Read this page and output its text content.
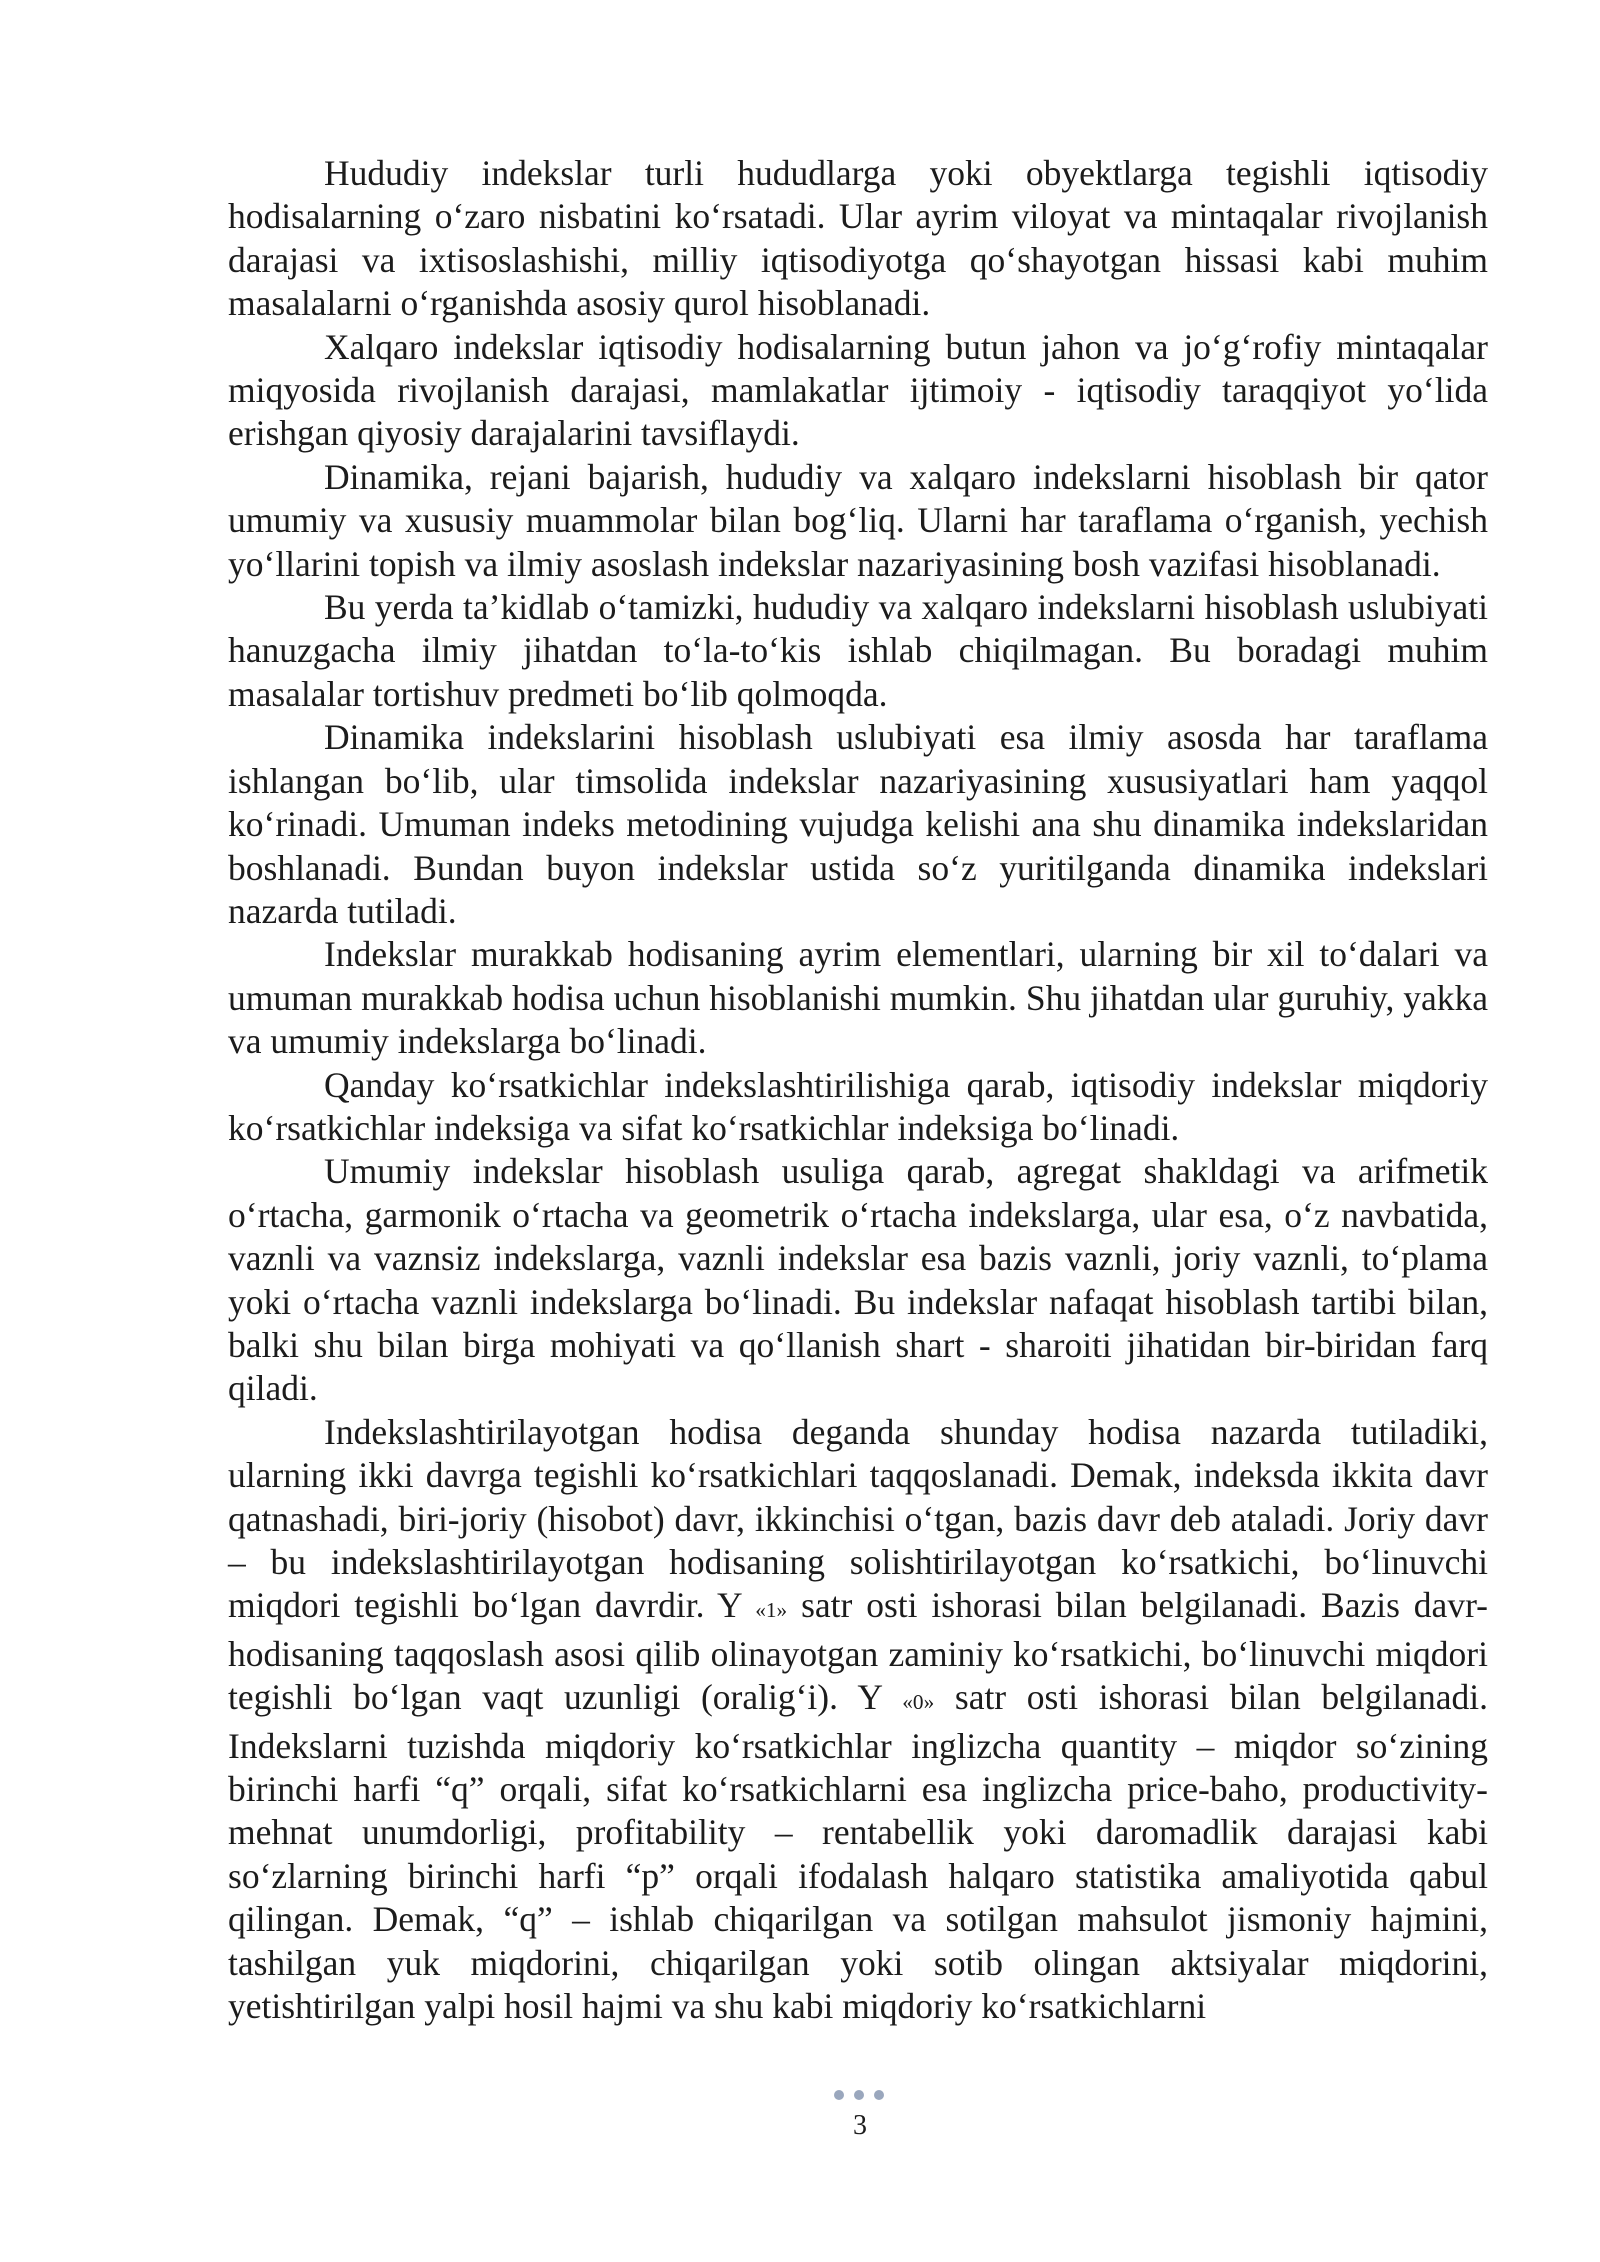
Hududiy indekslar turli hududlarga yoki obyektlarga tegishli iqtisodiy hodisalarning o‘zaro nisbatini ko‘rsatadi. Ular ayrim viloyat va mintaqalar rivojlanish darajasi va ixtisoslashishi, milliy iqtisodiyotga qo‘shayotgan hissasi kabi muhim masalalarni o‘rganishda asosiy qurol hisoblanadi.

Xalqaro indekslar iqtisodiy hodisalarning butun jahon va jo‘g‘rofiy mintaqalar miqyosida rivojlanish darajasi, mamlakatlar ijtimoiy - iqtisodiy taraqqiyot yo‘lida erishgan qiyosiy darajalarini tavsiflaydi.

Dinamika, rejani bajarish, hududiy va xalqaro indekslarni hisoblash bir qator umumiy va xususiy muammolar bilan bog‘liq. Ularni har taraflama o‘rganish, yechish yo‘llarini topish va ilmiy asoslash indekslar nazariyasining bosh vazifasi hisoblanadi.

Bu yerda ta’kidlab o‘tamizki, hududiy va xalqaro indekslarni hisoblash uslubiyati hanuzgacha ilmiy jihatdan to‘la-to‘kis ishlab chiqilmagan. Bu boradagi muhim masalalar tortishuv predmeti bo‘lib qolmoqda.

Dinamika indekslarini hisoblash uslubiyati esa ilmiy asosda har taraflama ishlangan bo‘lib, ular timsolida indekslar nazariyasining xususiyatlari ham yaqqol ko‘rinadi. Umuman indeks metodining vujudga kelishi ana shu dinamika indekslaridan boshlanadi. Bundan buyon indekslar ustida so‘z yuritilganda dinamika indekslari nazarda tutiladi.

Indekslar murakkab hodisaning ayrim elementlari, ularning bir xil to‘dalari va umuman murakkab hodisa uchun hisoblanishi mumkin. Shu jihatdan ular guruhiy, yakka va umumiy indekslarga bo‘linadi.

Qanday ko‘rsatkichlar indekslashtirilishiga qarab, iqtisodiy indekslar miqdoriy ko‘rsatkichlar indeksiga va sifat ko‘rsatkichlar indeksiga bo‘linadi.

Umumiy indekslar hisoblash usuliga qarab, agregat shakldagi va arifmetik o‘rtacha, garmonik o‘rtacha va geometrik o‘rtacha indekslarga, ular esa, o‘z navbatida, vaznli va vaznsiz indekslarga, vaznli indekslar esa bazis vaznli, joriy vaznli, to‘plama yoki o‘rtacha vaznli indekslarga bo‘linadi. Bu indekslar nafaqat hisoblash tartibi bilan, balki shu bilan birga mohiyati va qo‘llanish shart - sharoiti jihatidan bir-biridan farq qiladi.

Indekslashtirilayotgan hodisa deganda shunday hodisa nazarda tutiladiki, ularning ikki davrga tegishli ko‘rsatkichlari taqqoslanadi. Demak, indeksda ikkita davr qatnashadi, biri-joriy (hisobot) davr, ikkinchisi o‘tgan, bazis davr deb ataladi. Joriy davr – bu indekslashtirilayotgan hodisaning solishtirilayotgan ko‘rsatkichi, bo‘linuvchi miqdori tegishli bo‘lgan davrdir. Y «1» satr osti ishorasi bilan belgilanadi. Bazis davr- hodisaning taqqoslash asosi qilib olinayotgan zaminiy ko‘rsatkichi, bo‘linuvchi miqdori tegishli bo‘lgan vaqt uzunligi (oralig‘i). Y «0» satr osti ishorasi bilan belgilanadi. Indekslarni tuzishda miqdoriy ko‘rsatkichlar inglizcha quantity – miqdor so‘zining birinchi harfi “q” orqali, sifat ko‘rsatkichlarni esa inglizcha price-baho, productivity-mehnat unumdorligi, profitability – rentabellik yoki daromadlik darajasi kabi so‘zlarning birinchi harfi “p” orqali ifodalash halqaro statistika amaliyotida qabul qilingan. Demak, “q” – ishlab chiqarilgan va sotilgan mahsulot jismoniy hajmini, tashilgan yuk miqdorini, chiqarilgan yoki sotib olingan aktsiyalar miqdorini, yetishtirilgan yalpi hosil hajmi va shu kabi miqdoriy ko‘rsatkichlarni

3
